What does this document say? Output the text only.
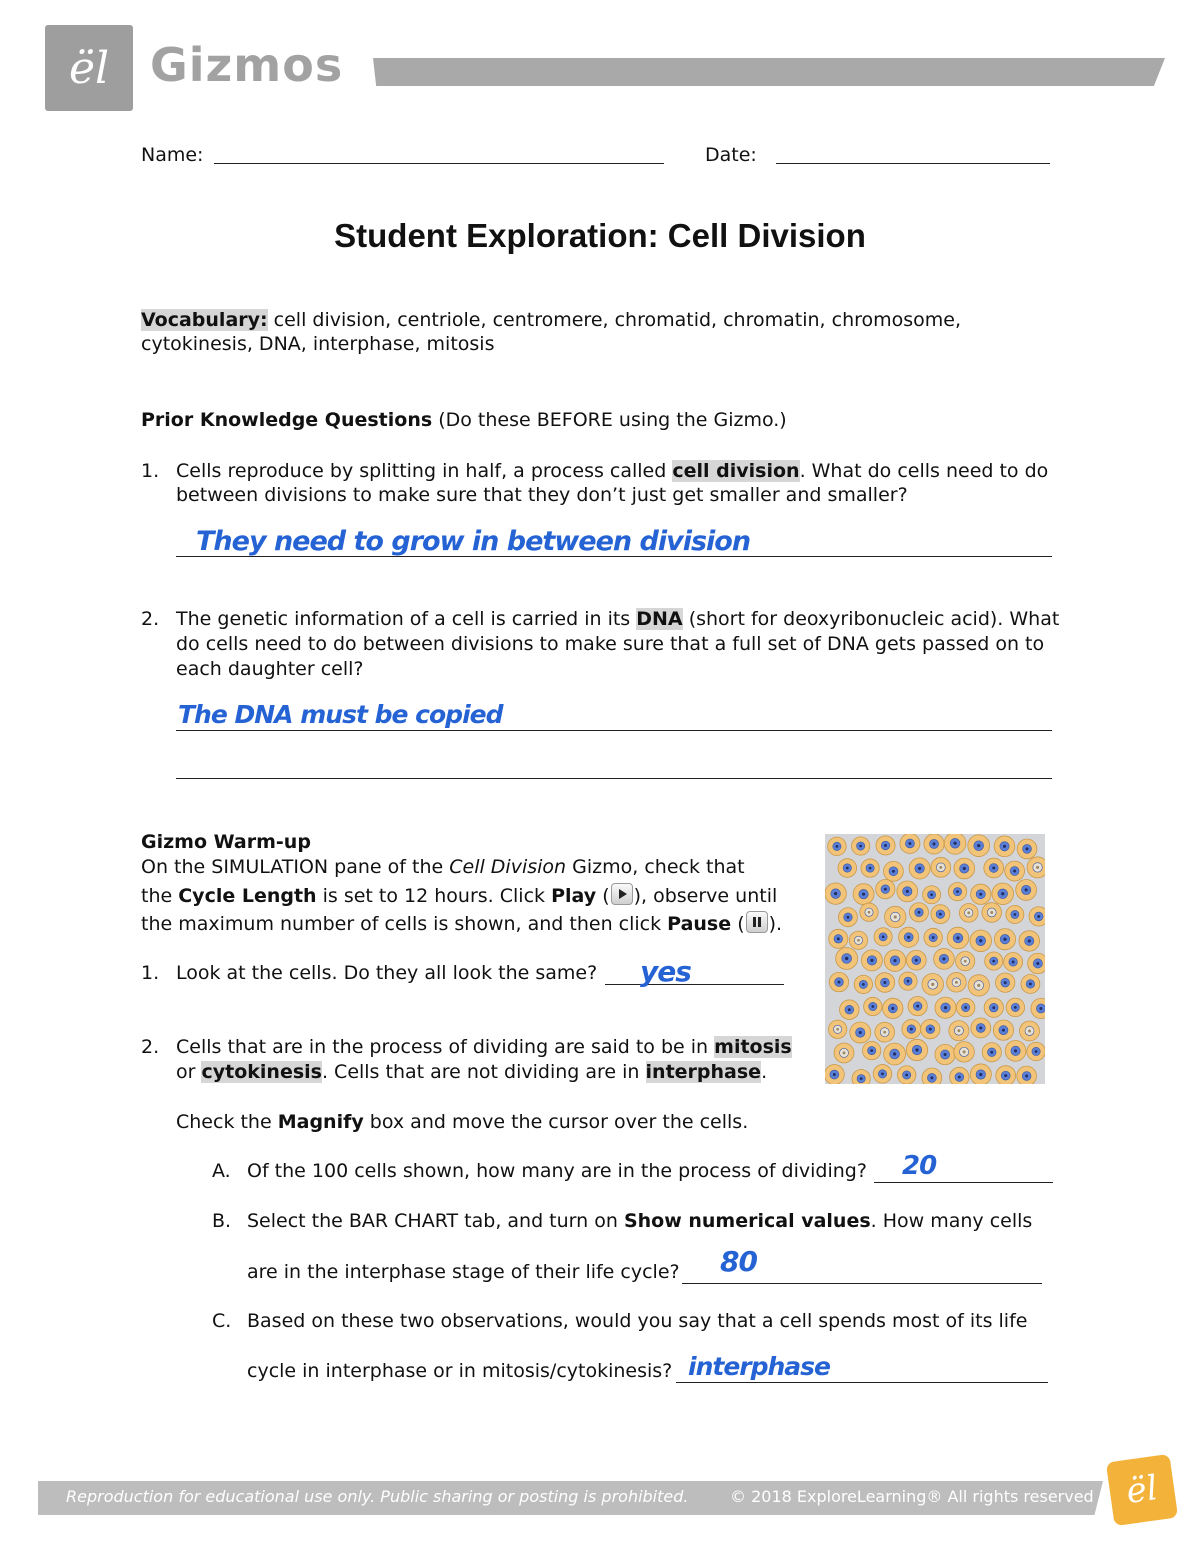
ël Gizmos
Name:	Date:
Student Exploration: Cell Division
Vocabulary: cell division, centriole, centromere, chromatid, chromatin, chromosome,
cytokinesis, DNA, interphase, mitosis
Prior Knowledge Questions (Do these BEFORE using the Gizmo.)
1. Cells reproduce by splitting in half, a process called cell division. What do cells need to do
between divisions to make sure that they don’t just get smaller and smaller?
They need to grow in between division
2. The genetic information of a cell is carried in its DNA (short for deoxyribonucleic acid). What
do cells need to do between divisions to make sure that a full set of DNA gets passed on to
each daughter cell?
The DNA must be copied
Gizmo Warm-up
On the SIMULATION pane of the Cell Division Gizmo, check that
the Cycle Length is set to 12 hours. Click Play ( ), observe until
the maximum number of cells is shown, and then click Pause ( ).
1. Look at the cells. Do they all look the same? yes
2. Cells that are in the process of dividing are said to be in mitosis
or cytokinesis. Cells that are not dividing are in interphase.
Check the Magnify box and move the cursor over the cells.
A. Of the 100 cells shown, how many are in the process of dividing? 20
B. Select the BAR CHART tab, and turn on Show numerical values. How many cells
are in the interphase stage of their life cycle? 80
C. Based on these two observations, would you say that a cell spends most of its life
cycle in interphase or in mitosis/cytokinesis? interphase
Reproduction for educational use only. Public sharing or posting is prohibited.	© 2018 ExploreLearning® All rights reserved ël
